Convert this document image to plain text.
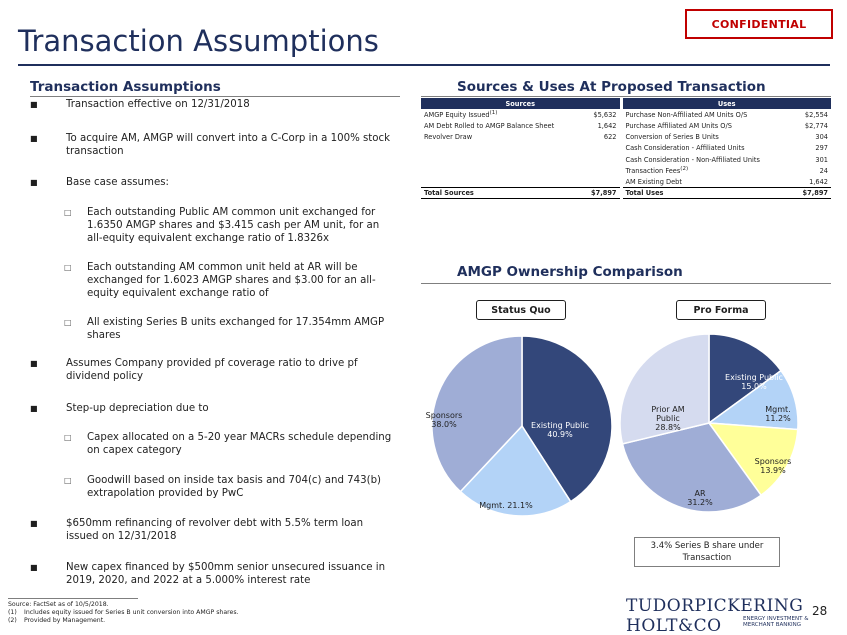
CONFIDENTIAL
Transaction Assumptions
Transaction Assumptions
■	Transaction effective on 12/31/2018
■	To acquire AM, AMGP will convert into a C-Corp in a 100% stock transaction
■	Base case assumes:
□ Each outstanding Public AM common unit exchanged for 1.6350 AMGP shares and $3.415 cash per AM unit, for an all-equity equivalent exchange ratio of 1.8326x
□ Each outstanding AM common unit held at AR will be exchanged for 1.6023 AMGP shares and $3.00 for an all-equity equivalent exchange ratio of
□ All existing Series B units exchanged for 17.354mm AMGP shares
■	Assumes Company provided pf coverage ratio to drive pf dividend policy
■	Step-up depreciation due to
□ Capex allocated on a 5-20 year MACRs schedule depending on capex category
□ Goodwill based on inside tax basis and 704(c) and 743(b) extrapolation provided by PwC
■	$650mm refinancing of revolver debt with 5.5% term loan issued on 12/31/2018
■	New capex financed by $500mm senior unsecured issuance in 2019, 2020, and 2022 at a 5.000% interest rate
Sources & Uses At Proposed Transaction
Sources		Uses	
AMGP Equity Issued$^{(1)}$	$5,632	Purchase Non-Affiliated AM Units O/S	$2,554
AM Debt Rolled to AMGP Balance Sheet	1,642	Purchase Affiliated AM Units O/S	$2,774
Revolver Draw	622	Conversion of Series B Units	304
		Cash Consideration - Affiliated Units	297
		Cash Consideration - Non-Affiliated Units	301
		Transaction Fees$^{(2)}$	24
		AM Existing Debt	1,642
Total Sources	$7,897	Total Uses	$7,897
AMGP Ownership Comparison
Status Quo	Pro Forma
Existing Public 40.9%
Mgmt. 21.1%
Sponsors 38.0%
Existing Public 15.0%
Mgmt. 11.2%
Sponsors 13.9%
AR 31.2%
Prior AM Public 28.8%
3.4% Series B share under Transaction
Source: FactSet as of 10/5/2018.
(1) Includes equity issued for Series B unit conversion into AMGP shares.
(2) Provided by Management.
TUDORPICKERING
HOLT&CO	ENERGY INVESTMENT & MERCHANT BANKING
28
